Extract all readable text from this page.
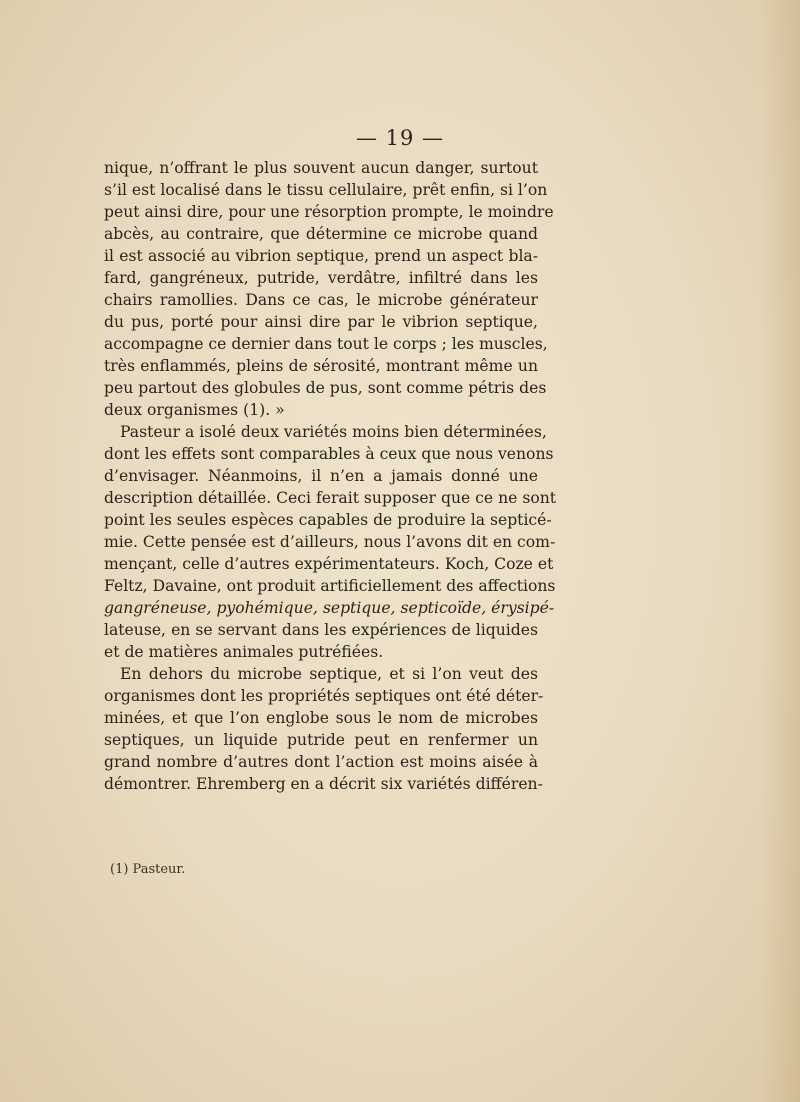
— 19 —
nique, n’offrant le plus souvent aucun danger, surtout
s’il est localisé dans le tissu cellulaire, prêt enfin, si l’on
peut ainsi dire, pour une résorption prompte, le moindre
abcès, au contraire, que détermine ce microbe quand
il est associé au vibrion septique, prend un aspect bla-
fard, gangréneux, putride, verdâtre, infiltré dans les
chairs ramollies. Dans ce cas, le microbe générateur
du pus, porté pour ainsi dire par le vibrion septique,
accompagne ce dernier dans tout le corps ; les muscles,
très enflammés, pleins de sérosité, montrant même un
peu partout des globules de pus, sont comme pétris des
deux organismes (1). »
Pasteur a isolé deux variétés moins bien déterminées,
dont les effets sont comparables à ceux que nous venons
d’envisager. Néanmoins, il n’en a jamais donné une
description détaillée. Ceci ferait supposer que ce ne sont
point les seules espèces capables de produire la septicé-
mie. Cette pensée est d’ailleurs, nous l’avons dit en com-
mençant, celle d’autres expérimentateurs. Koch, Coze et
Feltz, Davaine, ont produit artificiellement des affections
gangréneuse, pyohémique, septique, septicoïde, érysipé-
lateuse, en se servant dans les expériences de liquides
et de matières animales putréfiées.
En dehors du microbe septique, et si l’on veut des
organismes dont les propriétés septiques ont été déter-
minées, et que l’on englobe sous le nom de microbes
septiques, un liquide putride peut en renfermer un
grand nombre d’autres dont l’action est moins aisée à
démontrer. Ehremberg en a décrit six variétés différen-
(1) Pasteur.
